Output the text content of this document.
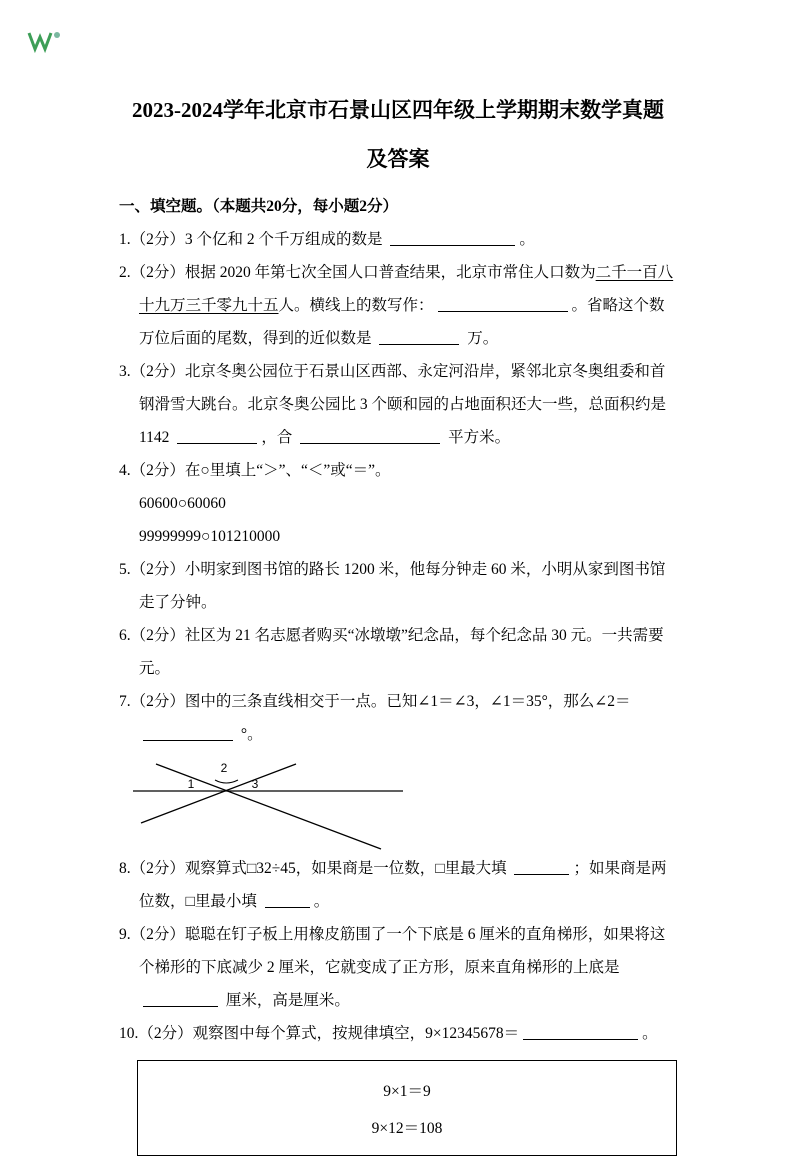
2023-2024学年北京市石景山区四年级上学期期末数学真题
及答案

一、填空题。（本题共20分，每小题2分）

1.（2分）3 个亿和 2 个千万组成的数是	。

2.（2分）根据 2020 年第七次全国人口普查结果，北京市常住人口数为二千一百八十九万三千零九十五人。横线上的数写作：	。省略这个数万位后面的尾数，得到的近似数是	万。

3.（2分）北京冬奥公园位于石景山区西部、永定河沿岸，紧邻北京冬奥组委和首钢滑雪大跳台。北京冬奥公园比 3 个颐和园的占地面积还大一些，总面积约是 1142	，合	平方米。

4.（2分）在○里填上“＞”、“＜”或“＝”。

60600○60060

99999999○101210000

5.（2分）小明家到图书馆的路长 1200 米，他每分钟走 60 米，小明从家到图书馆走了分钟。

6.（2分）社区为 21 名志愿者购买“冰墩墩”纪念品，每个纪念品 30 元。一共需要元。

7.（2分）图中的三条直线相交于一点。已知∠1＝∠3，∠1＝35°，那么∠2＝ °。

1
2
3

8.（2分）观察算式□32÷45，如果商是一位数，□里最大填	；如果商是两位数，□里最小填	。

9.（2分）聪聪在钉子板上用橡皮筋围了一个下底是 6 厘米的直角梯形，如果将这个梯形的下底减少 2 厘米，它就变成了正方形，原来直角梯形的上底是  厘米，高是厘米。

10.（2分）观察图中每个算式，按规律填空，9×12345678＝	。

9×1＝9

9×12＝108
